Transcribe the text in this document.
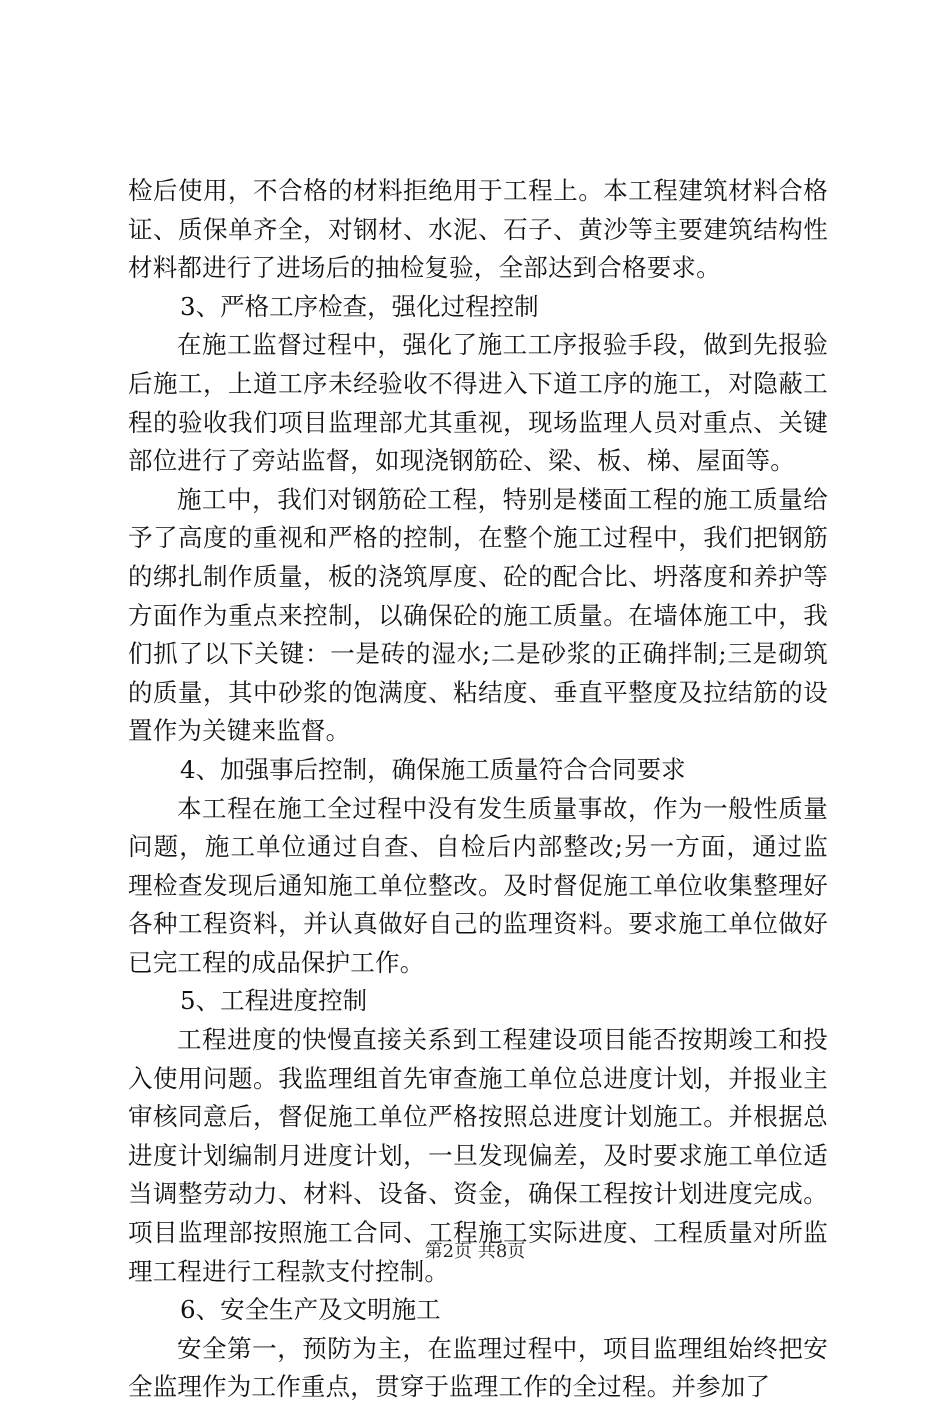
检后使用，不合格的材料拒绝用于工程上。本工程建筑材料合格证、质保单齐全，对钢材、水泥、石子、黄沙等主要建筑结构性材料都进行了进场后的抽检复验，全部达到合格要求。

3、严格工序检查，强化过程控制

在施工监督过程中，强化了施工工序报验手段，做到先报验后施工，上道工序未经验收不得进入下道工序的施工，对隐蔽工程的验收我们项目监理部尤其重视，现场监理人员对重点、关键部位进行了旁站监督，如现浇钢筋砼、梁、板、梯、屋面等。

施工中，我们对钢筋砼工程，特别是楼面工程的施工质量给予了高度的重视和严格的控制，在整个施工过程中，我们把钢筋的绑扎制作质量，板的浇筑厚度、砼的配合比、坍落度和养护等方面作为重点来控制，以确保砼的施工质量。在墙体施工中，我们抓了以下关键：一是砖的湿水;二是砂浆的正确拌制;三是砌筑的质量，其中砂浆的饱满度、粘结度、垂直平整度及拉结筋的设置作为关键来监督。

4、加强事后控制，确保施工质量符合合同要求

本工程在施工全过程中没有发生质量事故，作为一般性质量问题，施工单位通过自查、自检后内部整改;另一方面，通过监理检查发现后通知施工单位整改。及时督促施工单位收集整理好各种工程资料，并认真做好自己的监理资料。要求施工单位做好已完工程的成品保护工作。

5、工程进度控制

工程进度的快慢直接关系到工程建设项目能否按期竣工和投入使用问题。我监理组首先审查施工单位总进度计划，并报业主审核同意后，督促施工单位严格按照总进度计划施工。并根据总进度计划编制月进度计划，一旦发现偏差，及时要求施工单位适当调整劳动力、材料、设备、资金，确保工程按计划进度完成。项目监理部按照施工合同、工程施工实际进度、工程质量对所监理工程进行工程款支付控制。

6、安全生产及文明施工

安全第一，预防为主，在监理过程中，项目监理组始终把安全监理作为工作重点，贯穿于监理工作的全过程。并参加了

第2页 共8页
